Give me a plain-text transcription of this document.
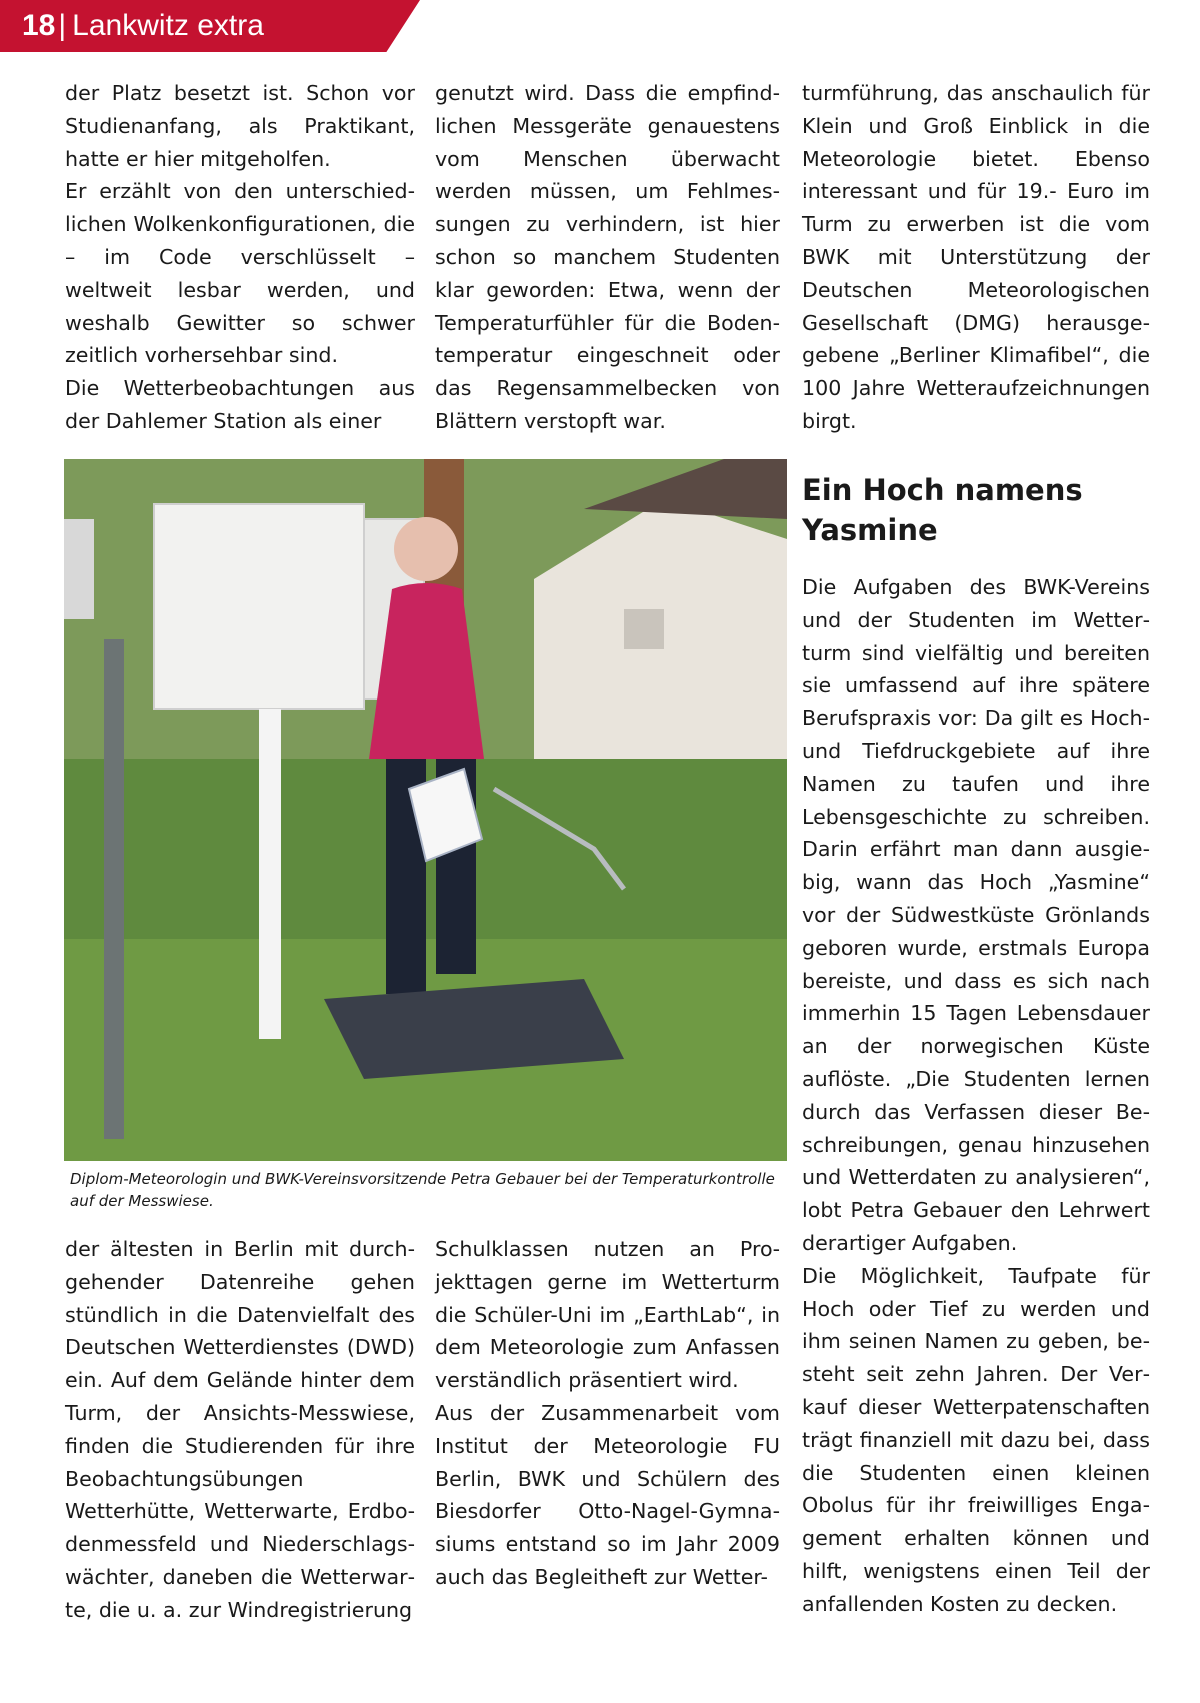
18 | Lankwitz extra

der Platz besetzt ist. Schon vor Studienanfang, als Praktikant, hatte er hier mitgeholfen.

Er erzählt von den unterschiedlichen Wolkenkonfigurationen, die – im Code verschlüsselt – weltweit lesbar werden, und weshalb Gewitter so schwer zeitlich vorhersehbar sind.

Die Wetterbeobachtungen aus der Dahlemer Station als einer

genutzt wird. Dass die empfindlichen Messgeräte genauestens vom Menschen überwacht werden müssen, um Fehlmessungen zu verhindern, ist hier schon so manchem Studenten klar geworden: Etwa, wenn der Temperaturfühler für die Bodentemperatur eingeschneit oder das Regensammelbecken von Blättern verstopft war.

turmführung, das anschaulich für Klein und Groß Einblick in die Meteorologie bietet. Ebenso interessant und für 19.- Euro im Turm zu erwerben ist die vom BWK mit Unterstützung der Deutschen Meteorologischen Gesellschaft (DMG) herausgegebene „Berliner Klimafibel“, die 100 Jahre Wetteraufzeichnungen birgt.

Ein Hoch namens Yasmine

Die Aufgaben des BWK-Vereins und der Studenten im Wetterturm sind vielfältig und bereiten sie umfassend auf ihre spätere Berufspraxis vor: Da gilt es Hoch- und Tiefdruckgebiete auf ihre Namen zu taufen und ihre Lebensgeschichte zu schreiben. Darin erfährt man dann ausgiebig, wann das Hoch „Yasmine“ vor der Südwestküste Grönlands geboren wurde, erstmals Europa bereiste, und dass es sich nach immerhin 15 Tagen Lebensdauer an der norwegischen Küste auflöste. „Die Studenten lernen durch das Verfassen dieser Beschreibungen, genau hinzusehen und Wetterdaten zu analysieren“, lobt Petra Gebauer den Lehrwert derartiger Aufgaben.

Die Möglichkeit, Taufpate für Hoch oder Tief zu werden und ihm seinen Namen zu geben, besteht seit zehn Jahren. Der Verkauf dieser Wetterpatenschaften trägt finanziell mit dazu bei, dass die Studenten einen kleinen Obolus für ihr freiwilliges Engagement erhalten können und hilft, wenigstens einen Teil der anfallenden Kosten zu decken.

Diplom-Meteorologin und BWK-Vereinsvorsitzende Petra Gebauer bei der Temperaturkontrolle auf der Messwiese.

der ältesten in Berlin mit durchgehender Datenreihe gehen stündlich in die Datenvielfalt des Deutschen Wetterdienstes (DWD) ein. Auf dem Gelände hinter dem Turm, der Ansichts-Messwiese, finden die Studierenden für ihre Beobachtungsübungen Wetterhütte, Wetterwarte, Erdbodenmessfeld und Niederschlagswächter, daneben die Wetterwarte, die u. a. zur Windregistrierung

Schulklassen nutzen an Projekttagen gerne im Wetterturm die Schüler-Uni im „EarthLab“, in dem Meteorologie zum Anfassen verständlich präsentiert wird.

Aus der Zusammenarbeit vom Institut der Meteorologie FU Berlin, BWK und Schülern des Biesdorfer Otto-Nagel-Gymnasiums entstand so im Jahr 2009 auch das Begleitheft zur Wetter-
